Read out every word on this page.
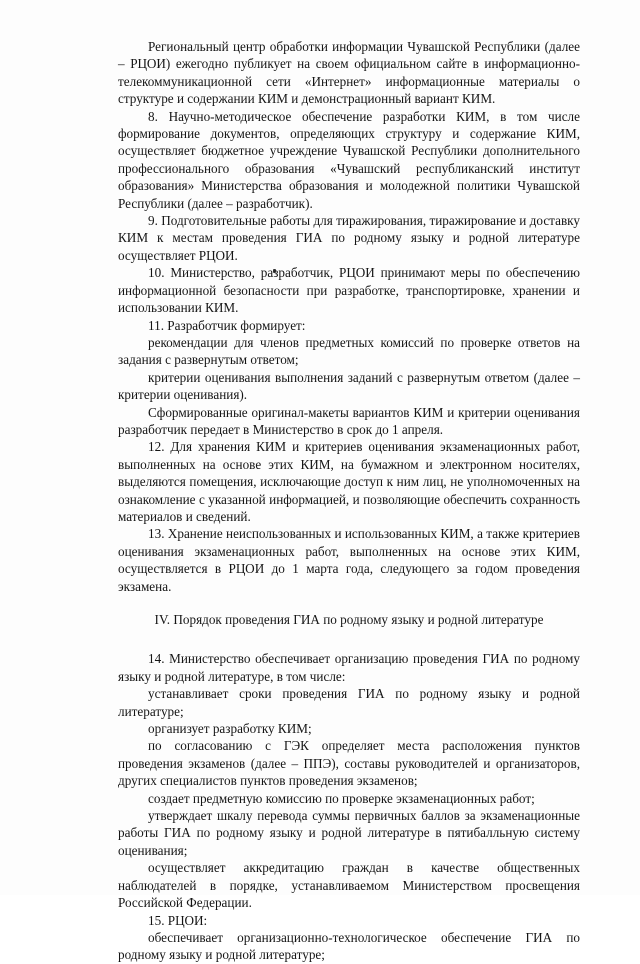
Региональный центр обработки информации Чувашской Республики (далее – РЦОИ) ежегодно публикует на своем официальном сайте в информационно-телекоммуникационной сети «Интернет» информационные материалы о структуре и содержании КИМ и демонстрационный вариант КИМ.

8. Научно-методическое обеспечение разработки КИМ, в том числе формирование документов, определяющих структуру и содержание КИМ, осуществляет бюджетное учреждение Чувашской Республики дополнительного профессионального образования «Чувашский республиканский институт образования» Министерства образования и молодежной политики Чувашской Республики (далее – разработчик).

9. Подготовительные работы для тиражирования, тиражирование и доставку КИМ к местам проведения ГИА по родному языку и родной литературе осуществляет РЦОИ.

10. Министерство, разработчик, РЦОИ принимают меры по обеспечению информационной безопасности при разработке, транспортировке, хранении и использовании КИМ.

11. Разработчик формирует:

рекомендации для членов предметных комиссий по проверке ответов на задания с развернутым ответом;

критерии оценивания выполнения заданий с развернутым ответом (далее – критерии оценивания).

Сформированные оригинал-макеты вариантов КИМ и критерии оценивания разработчик передает в Министерство в срок до 1 апреля.

12. Для хранения КИМ и критериев оценивания экзаменационных работ, выполненных на основе этих КИМ, на бумажном и электронном носителях, выделяются помещения, исключающие доступ к ним лиц, не уполномоченных на ознакомление с указанной информацией, и позволяющие обеспечить сохранность материалов и сведений.

13. Хранение неиспользованных и использованных КИМ, а также критериев оценивания экзаменационных работ, выполненных на основе этих КИМ, осуществляется в РЦОИ до 1 марта года, следующего за годом проведения экзамена.

IV. Порядок проведения ГИА по родному языку и родной литературе

14. Министерство обеспечивает организацию проведения ГИА по родному языку и родной литературе, в том числе:

устанавливает сроки проведения ГИА по родному языку и родной литературе;

организует разработку КИМ;

по согласованию с ГЭК определяет места расположения пунктов проведения экзаменов (далее – ППЭ), составы руководителей и организаторов, других специалистов пунктов проведения экзаменов;

создает предметную комиссию по проверке экзаменационных работ;

утверждает шкалу перевода суммы первичных баллов за экзаменационные работы ГИА по родному языку и родной литературе в пятибалльную систему оценивания;

осуществляет аккредитацию граждан в качестве общественных наблюдателей в порядке, устанавливаемом Министерством просвещения Российской Федерации.

15. РЦОИ:

обеспечивает организационно-технологическое обеспечение ГИА по родному языку и родной литературе;
